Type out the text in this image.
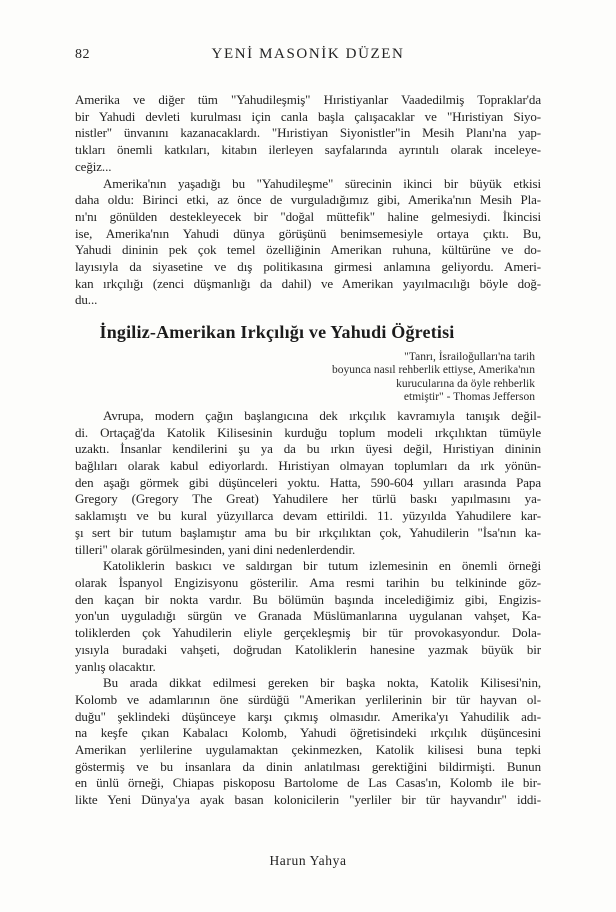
82	YENİ MASONİK DÜZEN
Amerika ve diğer tüm "Yahudileşmiş" Hıristiyanlar Vaadedilmiş Topraklar'da
bir Yahudi devleti kurulması için canla başla çalışacaklar ve "Hıristiyan Siyo-
nistler" ünvanını kazanacaklardı. "Hıristiyan Siyonistler"in Mesih Planı'na yap-
tıkları önemli katkıları, kitabın ilerleyen sayfalarında ayrıntılı olarak inceleye-
ceğiz...
Amerika'nın yaşadığı bu "Yahudileşme" sürecinin ikinci bir büyük etkisi
daha oldu: Birinci etki, az önce de vurguladığımız gibi, Amerika'nın Mesih Pla-
nı'nı gönülden destekleyecek bir "doğal müttefik" haline gelmesiydi. İkincisi
ise, Amerika'nın Yahudi dünya görüşünü benimsemesiyle ortaya çıktı. Bu,
Yahudi dininin pek çok temel özelliğinin Amerikan ruhuna, kültürüne ve do-
layısıyla da siyasetine ve dış politikasına girmesi anlamına geliyordu. Ameri-
kan ırkçılığı (zenci düşmanlığı da dahil) ve Amerikan yayılmacılığı böyle doğ-
du...
İngiliz-Amerikan Irkçılığı ve Yahudi Öğretisi
"Tanrı, İsrailoğulları'na tarih
boyunca nasıl rehberlik ettiyse, Amerika'nın
kurucularına da öyle rehberlik
etmiştir" - Thomas Jefferson
Avrupa, modern çağın başlangıcına dek ırkçılık kavramıyla tanışık değil-
di. Ortaçağ'da Katolik Kilisesinin kurduğu toplum modeli ırkçılıktan tümüyle
uzaktı. İnsanlar kendilerini şu ya da bu ırkın üyesi değil, Hıristiyan dininin
bağlıları olarak kabul ediyorlardı. Hıristiyan olmayan toplumları da ırk yönün-
den aşağı görmek gibi düşünceleri yoktu. Hatta, 590-604 yılları arasında Papa
Gregory (Gregory The Great) Yahudilere her türlü baskı yapılmasını ya-
saklamıştı ve bu kural yüzyıllarca devam ettirildi. 11. yüzyılda Yahudilere kar-
şı sert bir tutum başlamıştır ama bu bir ırkçılıktan çok, Yahudilerin "İsa'nın ka-
tilleri" olarak görülmesinden, yani dini nedenlerdendir.
Katoliklerin baskıcı ve saldırgan bir tutum izlemesinin en önemli örneği
olarak İspanyol Engizisyonu gösterilir. Ama resmi tarihin bu telkininde göz-
den kaçan bir nokta vardır. Bu bölümün başında incelediğimiz gibi, Engizis-
yon'un uyguladığı sürgün ve Granada Müslümanlarına uygulanan vahşet, Ka-
toliklerden çok Yahudilerin eliyle gerçekleşmiş bir tür provokasyondur. Dola-
yısıyla buradaki vahşeti, doğrudan Katoliklerin hanesine yazmak büyük bir
yanlış olacaktır.
Bu arada dikkat edilmesi gereken bir başka nokta, Katolik Kilisesi'nin,
Kolomb ve adamlarının öne sürdüğü "Amerikan yerlilerinin bir tür hayvan ol-
duğu" şeklindeki düşünceye karşı çıkmış olmasıdır. Amerika'yı Yahudilik adı-
na keşfe çıkan Kabalacı Kolomb, Yahudi öğretisindeki ırkçılık düşüncesini
Amerikan yerlilerine uygulamaktan çekinmezken, Katolik kilisesi buna tepki
göstermiş ve bu insanlara da dinin anlatılması gerektiğini bildirmişti. Bunun
en ünlü örneği, Chiapas piskoposu Bartolome de Las Casas'ın, Kolomb ile bir-
likte Yeni Dünya'ya ayak basan kolonicilerin "yerliler bir tür hayvandır" iddi-
Harun Yahya
